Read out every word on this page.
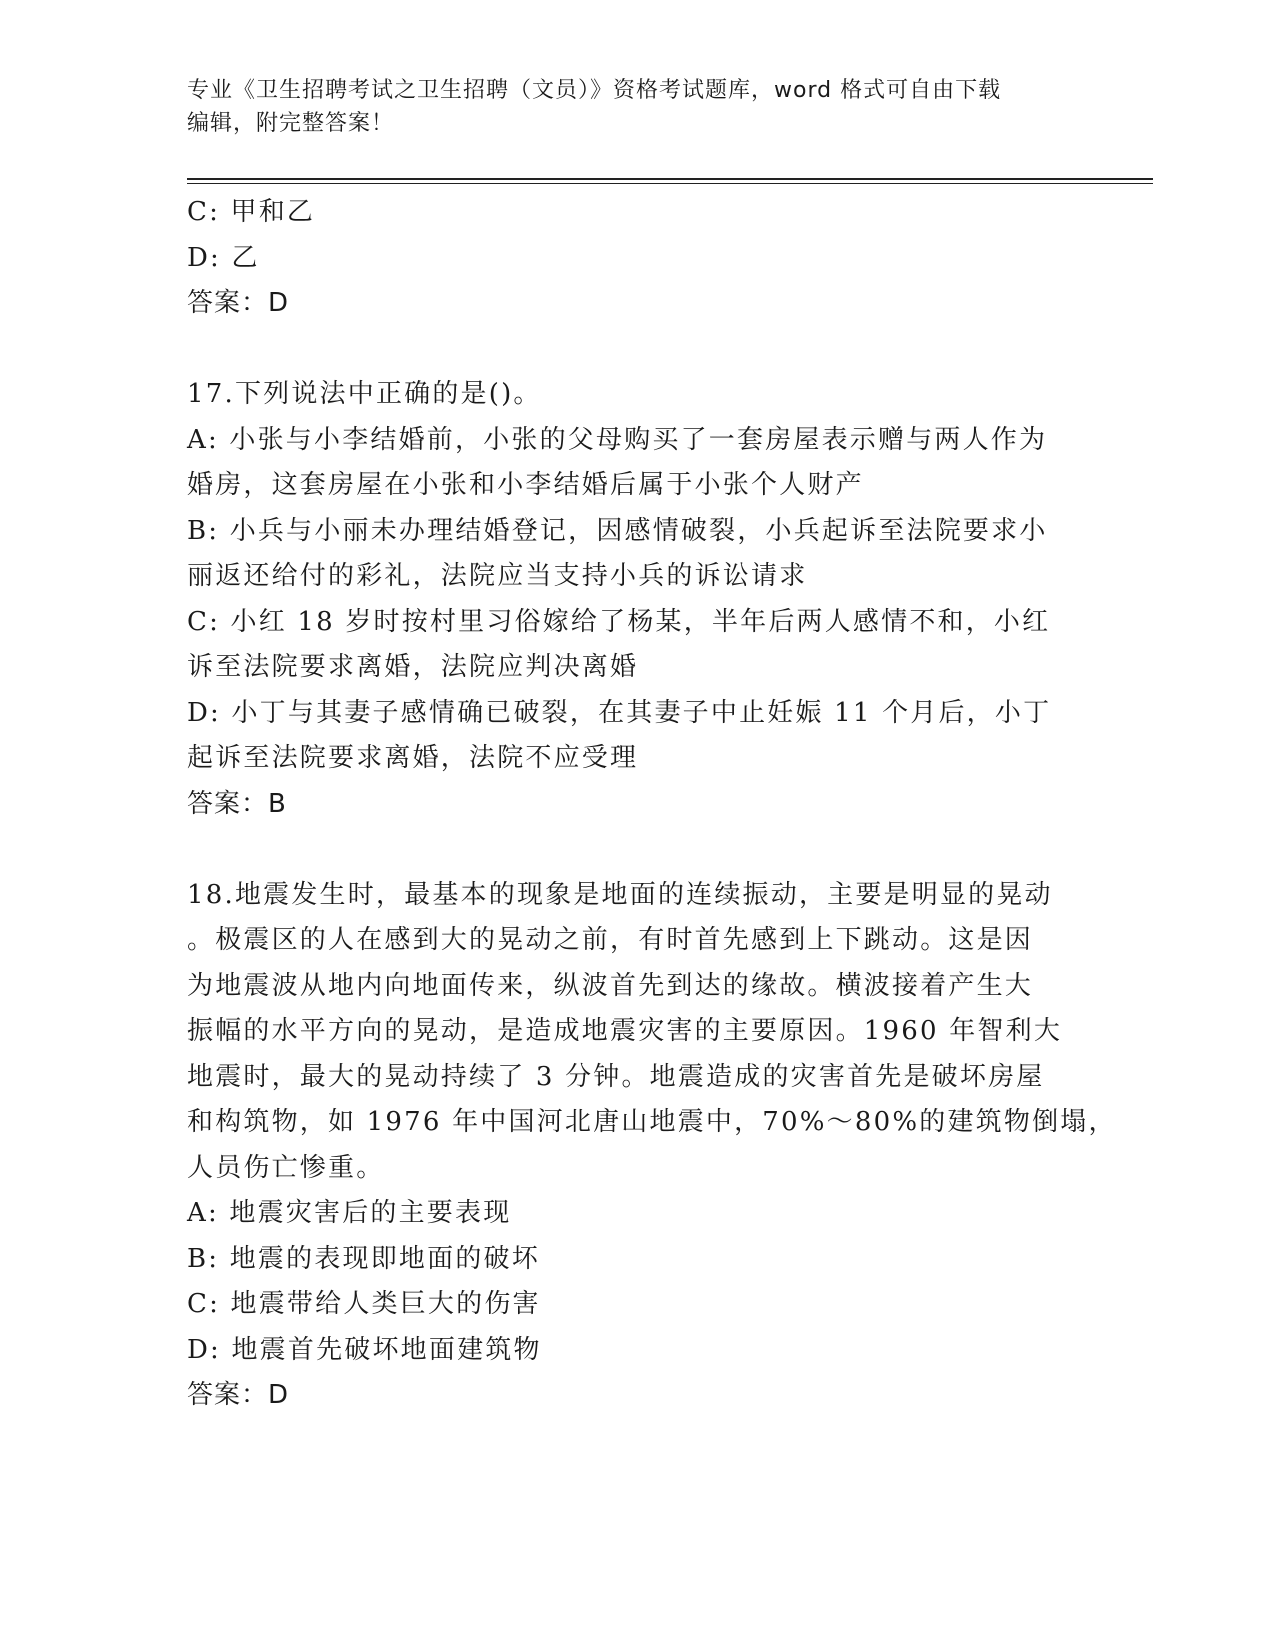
专业《卫生招聘考试之卫生招聘（文员）》资格考试题库，word 格式可自由下载
编辑，附完整答案！
C: 甲和乙
D: 乙
答案：D
17.下列说法中正确的是()。
A: 小张与小李结婚前，小张的父母购买了一套房屋表示赠与两人作为
婚房，这套房屋在小张和小李结婚后属于小张个人财产
B: 小兵与小丽未办理结婚登记，因感情破裂，小兵起诉至法院要求小
丽返还给付的彩礼，法院应当支持小兵的诉讼请求
C: 小红 18 岁时按村里习俗嫁给了杨某，半年后两人感情不和，小红
诉至法院要求离婚，法院应判决离婚
D: 小丁与其妻子感情确已破裂，在其妻子中止妊娠 11 个月后，小丁
起诉至法院要求离婚，法院不应受理
答案：B
18.地震发生时，最基本的现象是地面的连续振动，主要是明显的晃动
。极震区的人在感到大的晃动之前，有时首先感到上下跳动。这是因
为地震波从地内向地面传来，纵波首先到达的缘故。横波接着产生大
振幅的水平方向的晃动，是造成地震灾害的主要原因。1960 年智利大
地震时，最大的晃动持续了 3 分钟。地震造成的灾害首先是破坏房屋
和构筑物，如 1976 年中国河北唐山地震中，70%～80%的建筑物倒塌，
人员伤亡惨重。
A: 地震灾害后的主要表现
B: 地震的表现即地面的破坏
C: 地震带给人类巨大的伤害
D: 地震首先破坏地面建筑物
答案：D
